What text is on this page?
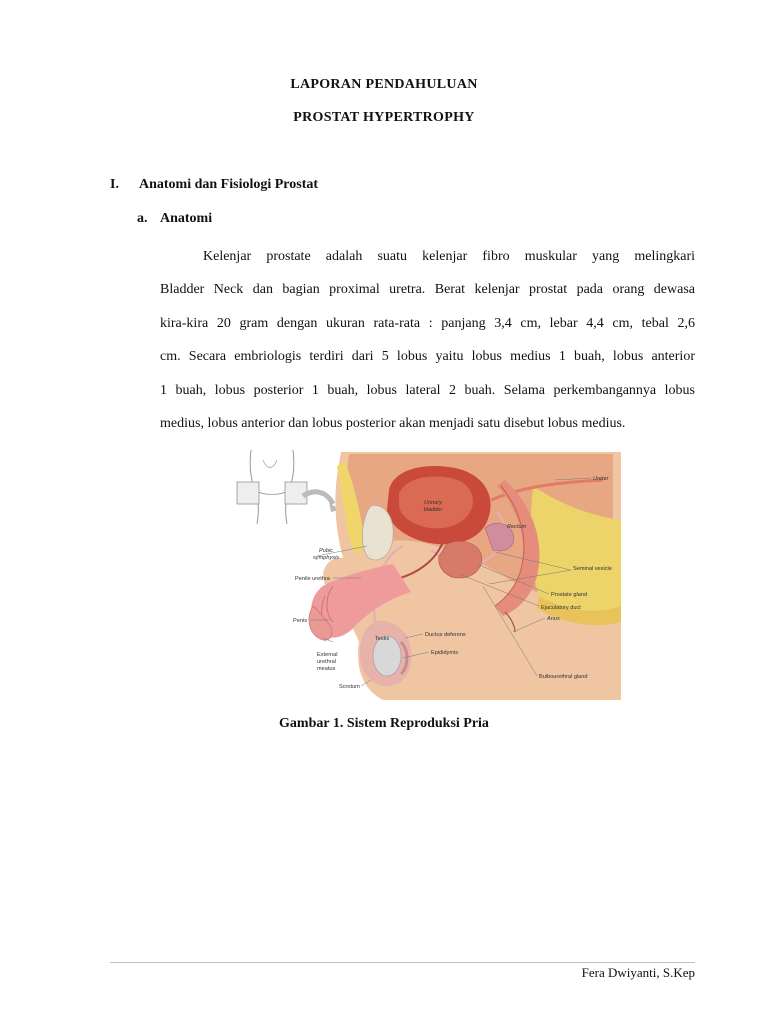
LAPORAN PENDAHULUAN
PROSTAT HYPERTROPHY
I. Anatomi dan Fisiologi Prostat
a. Anatomi
Kelenjar prostate adalah suatu kelenjar fibro muskular yang melingkari
Bladder Neck dan bagian proximal uretra. Berat kelenjar prostat pada orang dewasa
kira-kira 20 gram dengan ukuran rata-rata : panjang 3,4 cm, lebar 4,4 cm, tebal 2,6
cm. Secara embriologis terdiri dari 5 lobus yaitu lobus medius 1 buah, lobus anterior
1 buah, lobus posterior 1 buah, lobus lateral 2 buah. Selama perkembangannya lobus
medius, lobus anterior dan lobus posterior akan menjadi satu disebut lobus medius.
Ureter
Urinary
bladder
Rectum
Pubic
symphysis
Seminal vesicle
Penile urethra
Prostate gland
Ejaculatory duct
Penis
Ductus deferens
Anus
Testis
Epididymis
External
urethral
meatus
Scrotum
Bulbourethral gland
Gambar 1. Sistem Reproduksi Pria
Fera Dwiyanti, S.Kep
